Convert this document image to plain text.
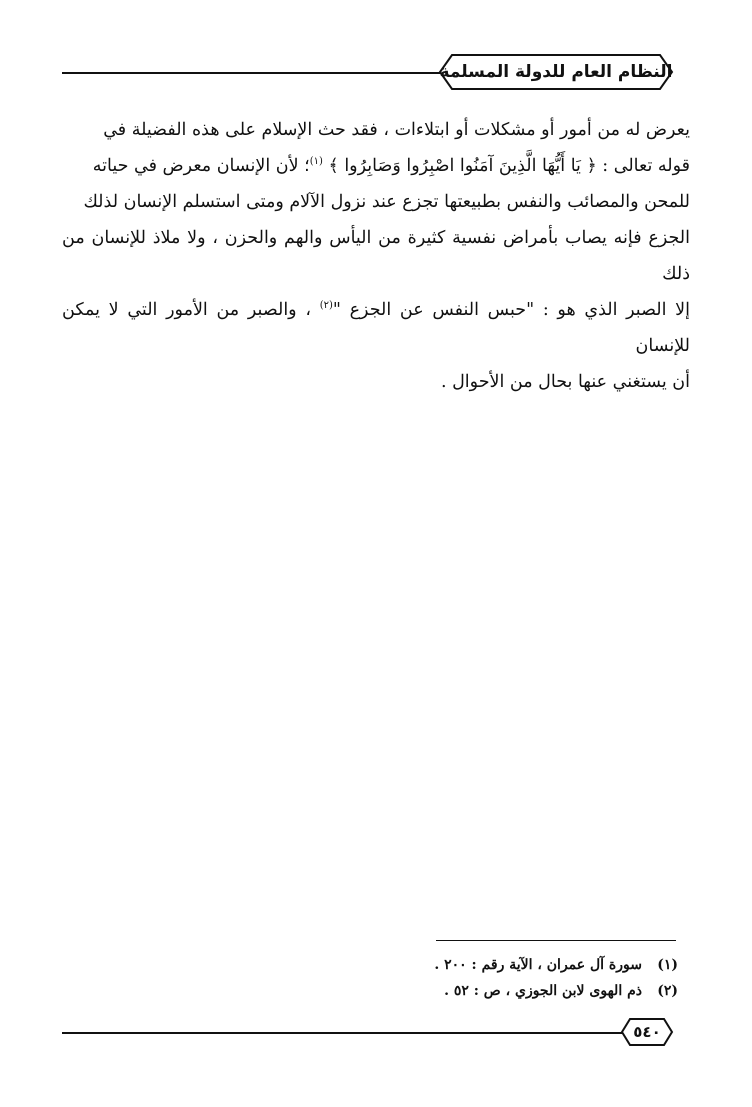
النظام العام للدولة المسلمة

يعرض له من أمور أو مشكلات أو ابتلاءات ، فقد حث الإسلام على هذه الفضيلة في

قوله تعالى : ﴿ يَا أَيُّهَا الَّذِينَ آمَنُوا اصْبِرُوا وَصَابِرُوا ﴾ $^{(١)}$؛ لأن الإنسان معرض في حياته

للمحن والمصائب والنفس بطبيعتها تجزع عند نزول الآلام ومتى استسلم الإنسان لذلك

الجزع فإنه يصاب بأمراض نفسية كثيرة من اليأس والهم والحزن ، ولا ملاذ للإنسان من ذلك

إلا الصبر الذي هو : "حبس النفس عن الجزع "$^{(٢)}$ ، والصبر من الأمور التي لا يمكن للإنسان

أن يستغني عنها بحال من الأحوال .

(١)
سورة آل عمران ، الآية رقم : ٢٠٠ .
(٢)
ذم الهوى لابن الجوزي ، ص : ٥٢ .
٥٤٠
